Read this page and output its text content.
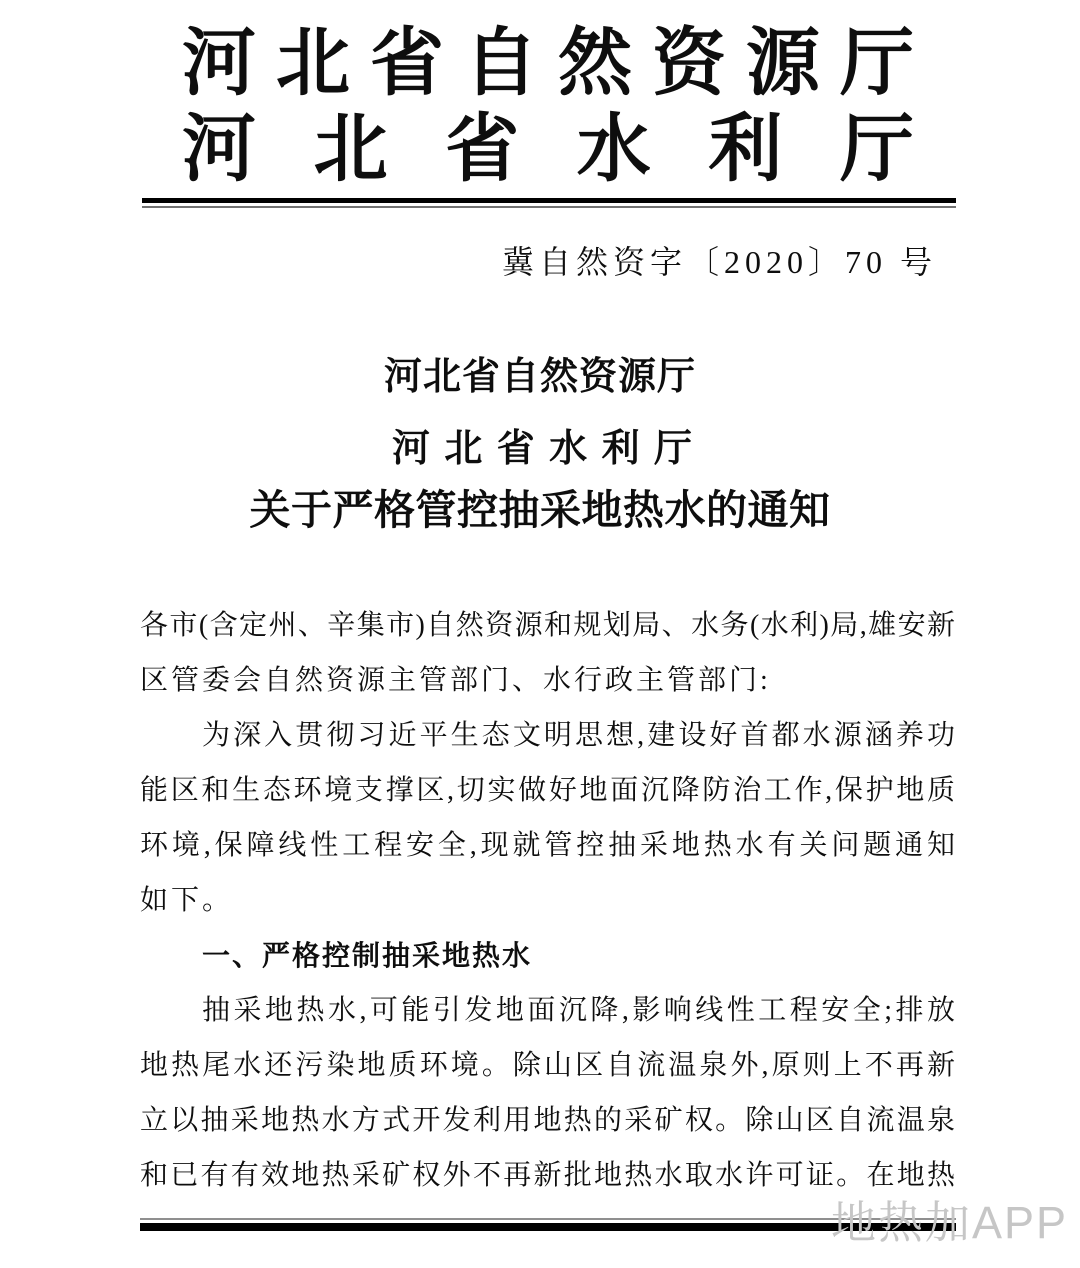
河 北 省 自 然 资 源 厅
河 北 省 水 利 厅
冀自然资字〔2020〕70 号
河北省自然资源厅
河 北 省 水 利 厅
关于严格管控抽采地热水的通知
各市(含定州、辛集市)自然资源和规划局、水务(水利)局,雄安新
区管委会自然资源主管部门、水行政主管部门:
为深入贯彻习近平生态文明思想,建设好首都水源涵养功
能区和生态环境支撑区,切实做好地面沉降防治工作,保护地质
环境,保障线性工程安全,现就管控抽采地热水有关问题通知
如下。
一、严格控制抽采地热水
抽采地热水,可能引发地面沉降,影响线性工程安全;排放
地热尾水还污染地质环境。除山区自流温泉外,原则上不再新
立以抽采地热水方式开发利用地热的采矿权。除山区自流温泉
和已有有效地热采矿权外不再新批地热水取水许可证。在地热
地热加APP
